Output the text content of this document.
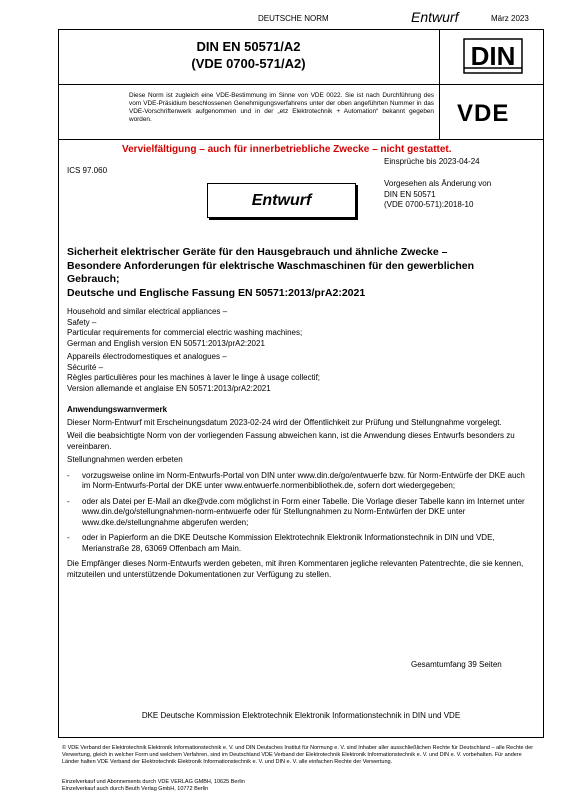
DEUTSCHE NORM	Entwurf	März 2023
DIN EN 50571/A2
(VDE 0700-571/A2)	DIN
Diese Norm ist zugleich eine VDE-Bestimmung im Sinne von VDE 0022. Sie ist nach Durchführung des vom VDE-Präsidium beschlossenen Genehmigungsverfahrens unter der oben angeführten Nummer in das VDE-Vorschriftenwerk aufgenommen und in der „etz Elektrotechnik + Automation“ bekannt gegeben worden.	VDE
Vervielfältigung – auch für innerbetriebliche Zwecke – nicht gestattet.
ICS 97.060
Einsprüche bis 2023-04-24
Entwurf
Vorgesehen als Änderung von
DIN EN 50571
(VDE 0700-571):2018-10
Sicherheit elektrischer Geräte für den Hausgebrauch und ähnliche Zwecke –
Besondere Anforderungen für elektrische Waschmaschinen für den gewerblichen
Gebrauch;
Deutsche und Englische Fassung EN 50571:2013/prA2:2021
Household and similar electrical appliances –
Safety –
Particular requirements for commercial electric washing machines;
German and English version EN 50571:2013/prA2:2021
Appareils électrodomestiques et analogues –
Sécurité –
Règles particulières pour les machines à laver le linge à usage collectif;
Version allemande et anglaise EN 50571:2013/prA2:2021
Anwendungswarnvermerk
Dieser Norm-Entwurf mit Erscheinungsdatum 2023-02-24 wird der Öffentlichkeit zur Prüfung und Stellungnahme vorgelegt.
Weil die beabsichtigte Norm von der vorliegenden Fassung abweichen kann, ist die Anwendung dieses Entwurfs besonders zu vereinbaren.
Stellungnahmen werden erbeten
- vorzugsweise online im Norm-Entwurfs-Portal von DIN unter www.din.de/go/entwuerfe bzw. für Norm-Entwürfe der DKE auch im Norm-Entwurfs-Portal der DKE unter www.entwuerfe.normenbibliothek.de, sofern dort wiedergegeben;
- oder als Datei per E-Mail an dke@vde.com möglichst in Form einer Tabelle. Die Vorlage dieser Tabelle kann im Internet unter www.din.de/go/stellungnahmen-norm-entwuerfe oder für Stellungnahmen zu Norm-Entwürfen der DKE unter www.dke.de/stellungnahme abgerufen werden;
- oder in Papierform an die DKE Deutsche Kommission Elektrotechnik Elektronik Informationstechnik in DIN und VDE, Merianstraße 28, 63069 Offenbach am Main.
Die Empfänger dieses Norm-Entwurfs werden gebeten, mit ihren Kommentaren jegliche relevanten Patentrechte, die sie kennen, mitzuteilen und unterstützende Dokumentationen zur Verfügung zu stellen.
Gesamtumfang 39 Seiten
DKE Deutsche Kommission Elektrotechnik Elektronik Informationstechnik in DIN und VDE
© VDE Verband der Elektrotechnik Elektronik Informationstechnik e. V. und DIN Deutsches Institut für Normung e. V. sind Inhaber aller ausschließlichen Rechte für Deutschland – alle Rechte der Verwertung, gleich in welcher Form und welchem Verfahren, sind im Deutschland VDE Verband der Elektrotechnik Elektronik Informationstechnik e. V. und DIN e. V. vorbehalten. Für andere Länder halten VDE Verband der Elektrotechnik Elektronik Informationstechnik e. V. und DIN e. V. alle einfachen Rechte der Verwertung.
Einzelverkauf und Abonnements durch VDE VERLAG GMBH, 10625 Berlin
Einzelverkauf auch durch Beuth Verlag GmbH, 10772 Berlin
